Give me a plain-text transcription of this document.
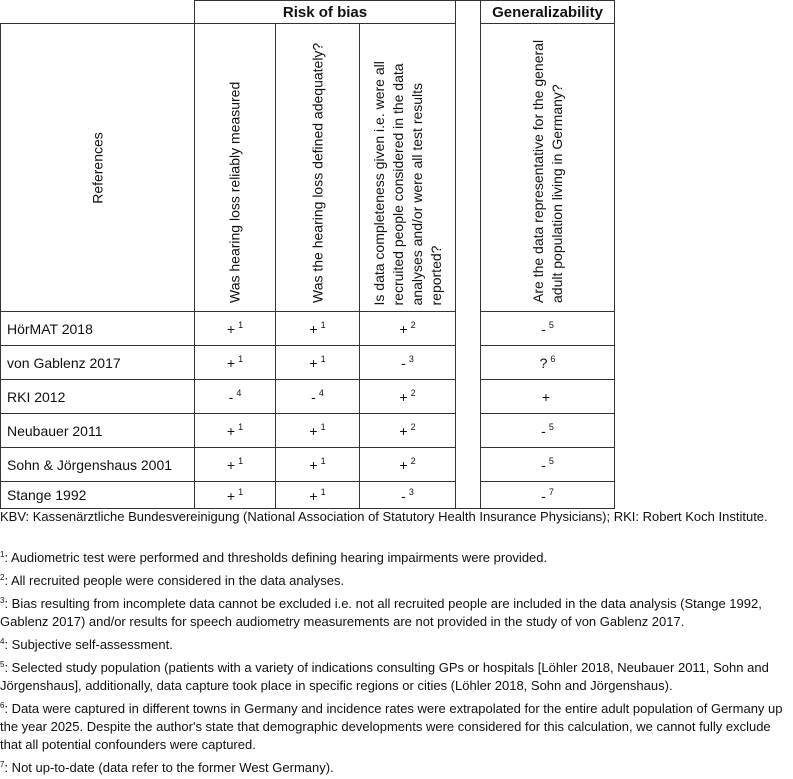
	Risk of bias				Generalizability

References	Was hearing loss reliably measured	Was the hearing loss defined adequately?	Is data completeness given i.e. were all recruited people considered in the data analyses and/or were all test results reported?		Are the data representative for the general adult population living in Germany?

HörMAT 2018	+ $^1$	+ $^1$	+ $^2$		- $^5$
von Gablenz 2017	+ $^1$	+ $^1$	- $^3$		? $^6$
RKI 2012	- $^4$	- $^4$	+ $^2$		+
Neubauer 2011	+ $^1$	+ $^1$	+ $^2$		- $^5$
Sohn & Jörgenshaus 2001	+ $^1$	+ $^1$	+ $^2$		- $^5$
Stange 1992	+ $^1$	+ $^1$	- $^3$		- $^7$

KBV: Kassenärztliche Bundesvereinigung (National Association of Statutory Health Insurance Physicians); RKI: Robert Koch Institute.

$^1$: Audiometric test were performed and thresholds defining hearing impairments were provided.

$^2$: All recruited people were considered in the data analyses.

$^3$: Bias resulting from incomplete data cannot be excluded i.e. not all recruited people are included in the data analysis (Stange 1992, Gablenz 2017) and/or results for speech audiometry measurements are not provided in the study of von Gablenz 2017.

$^4$: Subjective self-assessment.

$^5$: Selected study population (patients with a variety of indications consulting GPs or hospitals [Löhler 2018, Neubauer 2011, Sohn and Jörgenshaus], additionally, data capture took place in specific regions or cities (Löhler 2018, Sohn and Jörgenshaus).

$^6$: Data were captured in different towns in Germany and incidence rates were extrapolated for the entire adult population of Germany up the year 2025. Despite the author's state that demographic developments were considered for this calculation, we cannot fully exclude that all potential confounders were captured.

$^7$: Not up-to-date (data refer to the former West Germany).
